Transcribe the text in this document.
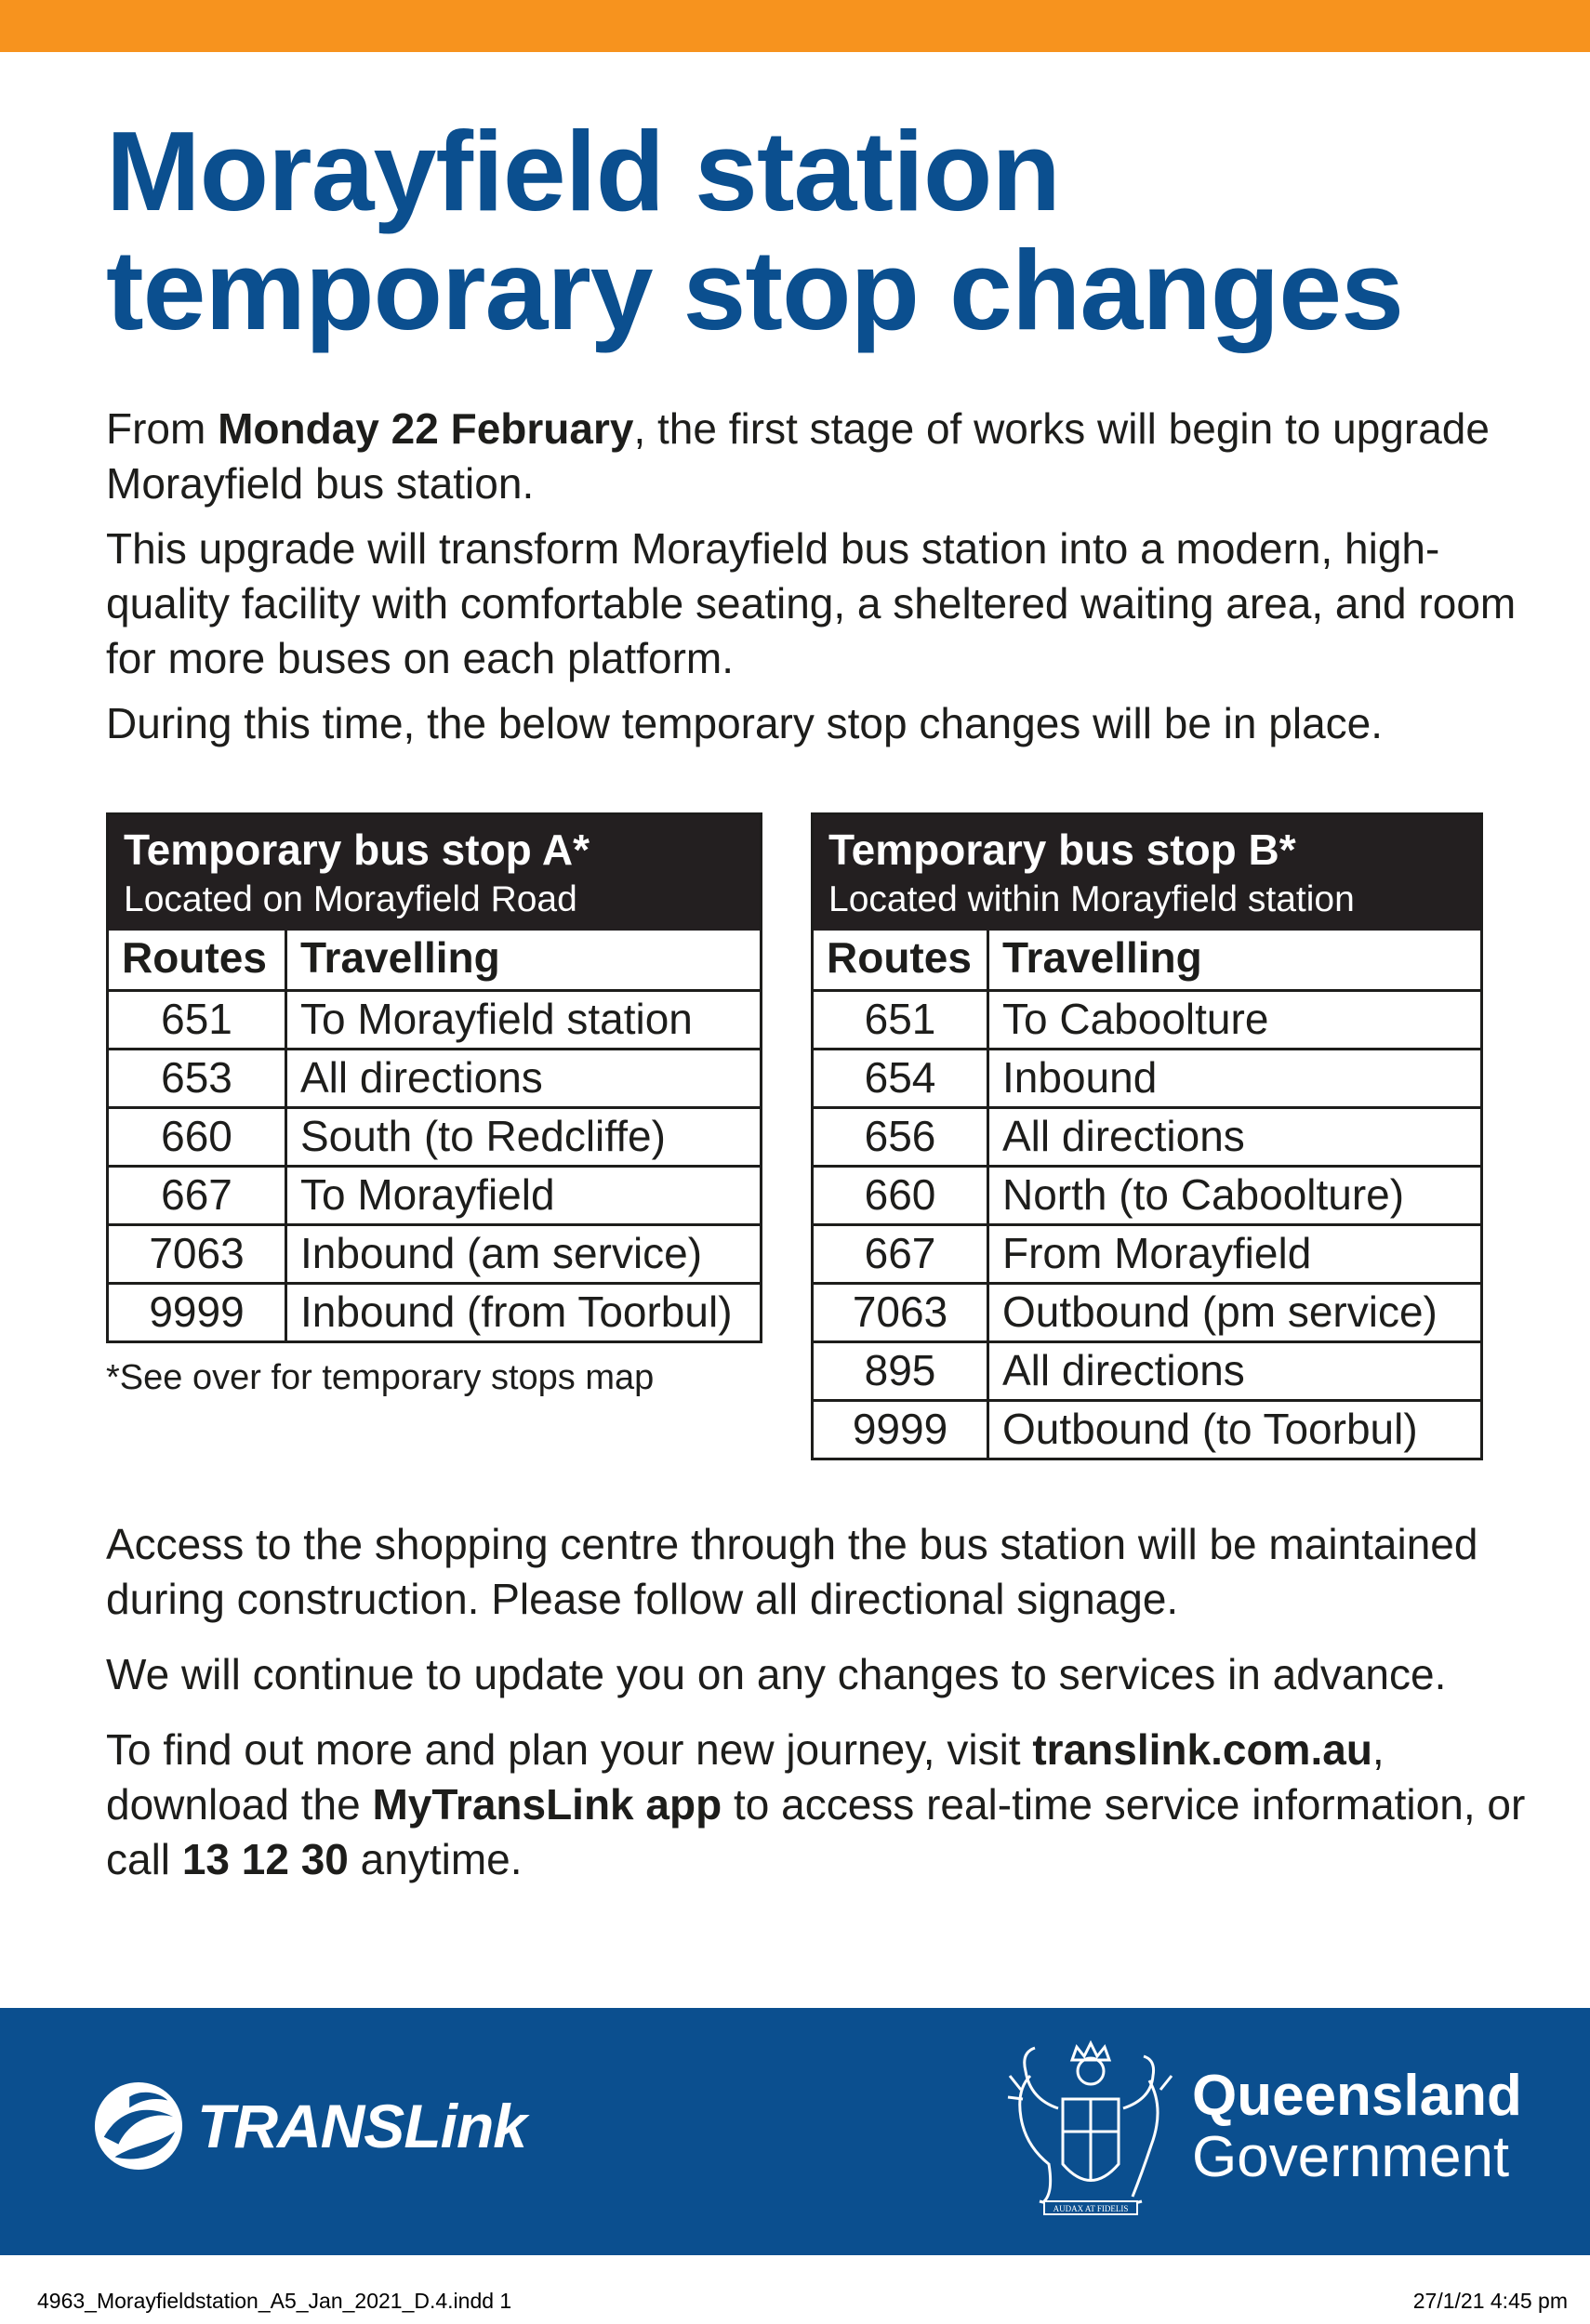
Morayfield station
temporary stop changes

From Monday 22 February, the first stage of works will begin to upgrade Morayfield bus station.

This upgrade will transform Morayfield bus station into a modern, high-quality facility with comfortable seating, a sheltered waiting area, and room for more buses on each platform.

During this time, the below temporary stop changes will be in place.

Temporary bus stop A*
Located on Morayfield Road
Routes Travelling
651	To Morayfield station
653	All directions
660	South (to Redcliffe)
667	To Morayfield
7063	Inbound (am service)
9999	Inbound (from Toorbul)
*See over for temporary stops map
Temporary bus stop B*
Located within Morayfield station
Routes Travelling
651	To Caboolture
654	Inbound
656	All directions
660	North (to Caboolture)
667	From Morayfield
7063	Outbound (pm service)
895	All directions
9999	Outbound (to Toorbul)

Access to the shopping centre through the bus station will be maintained during construction. Please follow all directional signage.

We will continue to update you on any changes to services in advance.

To find out more and plan your new journey, visit translink.com.au, download the MyTransLink app to access real-time service information, or call 13 12 30 anytime.

TRANSLink
AUDAX AT FIDELIS
Queensland
Government
4963_Morayfieldstation_A5_Jan_2021_D.4.indd 1	27/1/21 4:45 pm
